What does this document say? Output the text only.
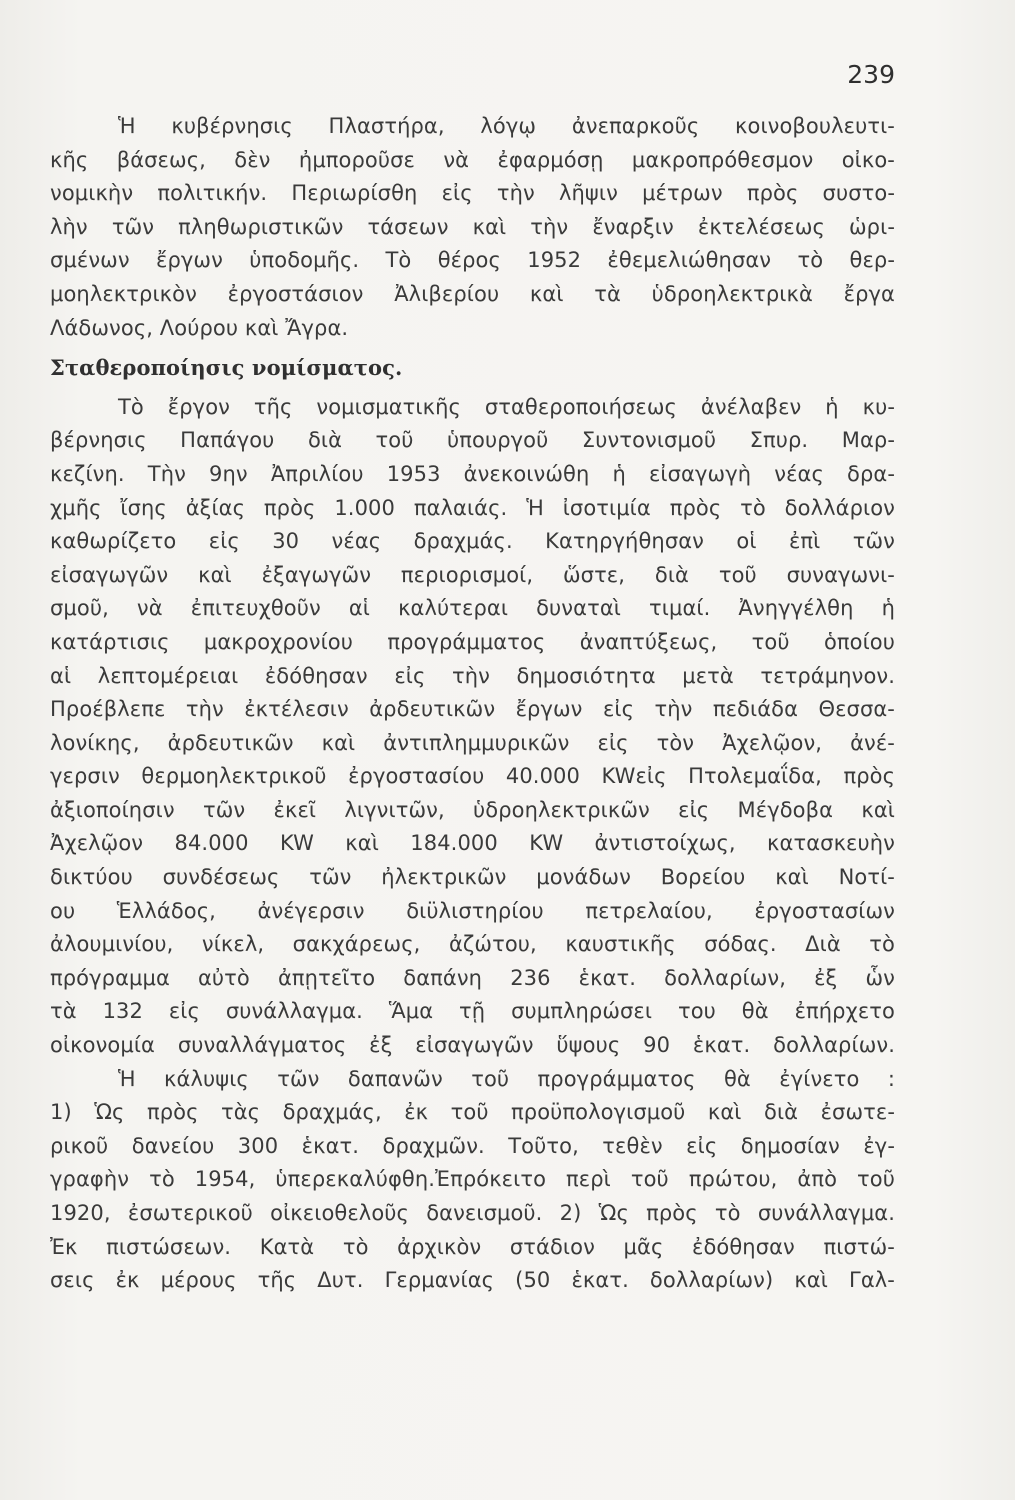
239
Ἡ κυβέρνησις Πλαστήρα, λόγῳ ἀνεπαρκοῦς κοινοβουλευτι-
κῆς βάσεως, δὲν ἠμποροῦσε νὰ ἐφαρμόσῃ μακροπρόθεσμον οἰκο-
νομικὴν πολιτικήν. Περιωρίσθη εἰς τὴν λῆψιν μέτρων πρὸς συστο-
λὴν τῶν πληθωριστικῶν τάσεων καὶ τὴν ἔναρξιν ἐκτελέσεως ὡρι-
σμένων ἔργων ὑποδομῆς. Τὸ θέρος 1952 ἐθεμελιώθησαν τὸ θερ-
μοηλεκτρικὸν ἐργοστάσιον Ἀλιβερίου καὶ τὰ ὑδροηλεκτρικὰ ἔργα
Λάδωνος, Λούρου καὶ Ἄγρα.
Σταθεροποίησις νομίσματος.
Τὸ ἔργον τῆς νομισματικῆς σταθεροποιήσεως ἀνέλαβεν ἡ κυ-
βέρνησις Παπάγου διὰ τοῦ ὑπουργοῦ Συντονισμοῦ Σπυρ. Μαρ-
κεζίνη. Τὴν 9ην Ἀπριλίου 1953 ἀνεκοινώθη ἡ εἰσαγωγὴ νέας δρα-
χμῆς ἴσης ἀξίας πρὸς 1.000 παλαιάς. Ἡ ἰσοτιμία πρὸς τὸ δολλάριον
καθωρίζετο εἰς 30 νέας δραχμάς. Κατηργήθησαν οἱ ἐπὶ τῶν
εἰσαγωγῶν καὶ ἐξαγωγῶν περιορισμοί, ὥστε, διὰ τοῦ συναγωνι-
σμοῦ, νὰ ἐπιτευχθοῦν αἱ καλύτεραι δυναταὶ τιμαί. Ἀνηγγέλθη ἡ
κατάρτισις μακροχρονίου προγράμματος ἀναπτύξεως, τοῦ ὁποίου
αἱ λεπτομέρειαι ἐδόθησαν εἰς τὴν δημοσιότητα μετὰ τετράμηνον.
Προέβλεπε τὴν ἐκτέλεσιν ἀρδευτικῶν ἔργων εἰς τὴν πεδιάδα Θεσσα-
λονίκης, ἀρδευτικῶν καὶ ἀντιπλημμυρικῶν εἰς τὸν Ἀχελῷον, ἀνέ-
γερσιν θερμοηλεκτρικοῦ ἐργοστασίου 40.000 KWεἰς Πτολεμαΐδα, πρὸς
ἀξιοποίησιν τῶν ἐκεῖ λιγνιτῶν, ὑδροηλεκτρικῶν εἰς Μέγδοβα καὶ
Ἀχελῷον 84.000 KW καὶ 184.000 KW ἀντιστοίχως, κατασκευὴν
δικτύου συνδέσεως τῶν ἠλεκτρικῶν μονάδων Βορείου καὶ Νοτί-
ου Ἑλλάδος, ἀνέγερσιν διϋλιστηρίου πετρελαίου, ἐργοστασίων
ἀλουμινίου, νίκελ, σακχάρεως, ἀζώτου, καυστικῆς σόδας. Διὰ τὸ
πρόγραμμα αὐτὸ ἀπῃτεῖτο δαπάνη 236 ἑκατ. δολλαρίων, ἐξ ὧν
τὰ 132 εἰς συνάλλαγμα. Ἅμα τῇ συμπληρώσει του θὰ ἐπήρχετο
οἰκονομία συναλλάγματος ἐξ εἰσαγωγῶν ὕψους 90 ἑκατ. δολλαρίων.
Ἡ κάλυψις τῶν δαπανῶν τοῦ προγράμματος θὰ ἐγίνετο :
1) Ὡς πρὸς τὰς δραχμάς, ἐκ τοῦ προϋπολογισμοῦ καὶ διὰ ἐσωτε-
ρικοῦ δανείου 300 ἑκατ. δραχμῶν. Τοῦτο, τεθὲν εἰς δημοσίαν ἐγ-
γραφὴν τὸ 1954, ὑπερεκαλύφθη.Ἐπρόκειτο περὶ τοῦ πρώτου, ἀπὸ τοῦ
1920, ἐσωτερικοῦ οἰκειοθελοῦς δανεισμοῦ. 2) Ὡς πρὸς τὸ συνάλλαγμα.
Ἐκ πιστώσεων. Κατὰ τὸ ἀρχικὸν στάδιον μᾶς ἐδόθησαν πιστώ-
σεις ἐκ μέρους τῆς Δυτ. Γερμανίας (50 ἑκατ. δολλαρίων) καὶ Γαλ-
